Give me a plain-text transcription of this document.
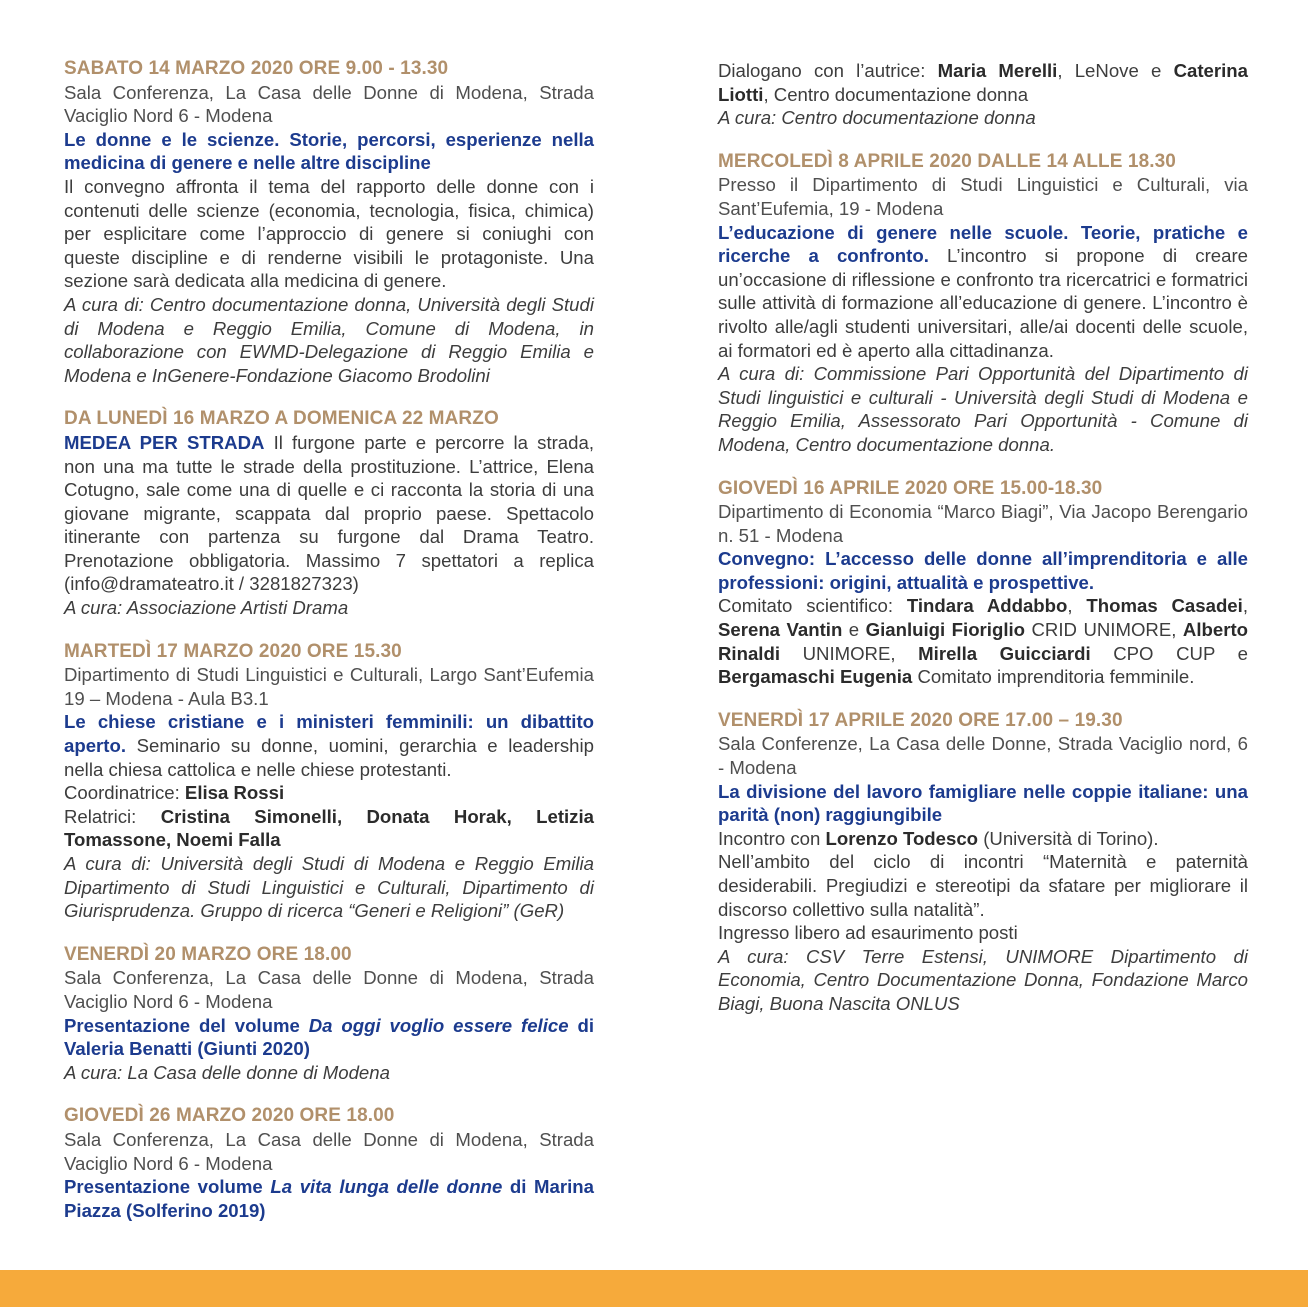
SABATO 14 MARZO 2020 ORE 9.00 - 13.30
Sala Conferenza, La Casa delle Donne di Modena, Strada Vaciglio Nord 6 - Modena
Le donne e le scienze. Storie, percorsi, esperienze nella medicina di genere e nelle altre discipline
Il convegno affronta il tema del rapporto delle donne con i contenuti delle scienze (economia, tecnologia, fisica, chimica) per esplicitare come l’approccio di genere si coniughi con queste discipline e di renderne visibili le protagoniste. Una sezione sarà dedicata alla medicina di genere.
A cura di: Centro documentazione donna, Università degli Studi di Modena e Reggio Emilia, Comune di Modena, in collaborazione con EWMD-Delegazione di Reggio Emilia e Modena e InGenere-Fondazione Giacomo Brodolini
DA LUNEDÌ 16 MARZO A DOMENICA 22 MARZO
MEDEA PER STRADA Il furgone parte e percorre la strada, non una ma tutte le strade della prostituzione. L’attrice, Elena Cotugno, sale come una di quelle e ci racconta la storia di una giovane migrante, scappata dal proprio paese. Spettacolo itinerante con partenza su furgone dal Drama Teatro. Prenotazione obbligatoria. Massimo 7 spettatori a replica (info@dramateatro.it / 3281827323)
A cura: Associazione Artisti Drama
MARTEDÌ 17 MARZO 2020 ORE 15.30
Dipartimento di Studi Linguistici e Culturali, Largo Sant’Eufemia 19 – Modena - Aula B3.1
Le chiese cristiane e i ministeri femminili: un dibattito aperto. Seminario su donne, uomini, gerarchia e leadership nella chiesa cattolica e nelle chiese protestanti.
Coordinatrice: Elisa Rossi
Relatrici: Cristina Simonelli, Donata Horak, Letizia Tomassone, Noemi Falla
A cura di: Università degli Studi di Modena e Reggio Emilia Dipartimento di Studi Linguistici e Culturali, Dipartimento di Giurisprudenza. Gruppo di ricerca “Generi e Religioni” (GeR)
VENERDÌ 20 MARZO ORE 18.00
Sala Conferenza, La Casa delle Donne di Modena, Strada Vaciglio Nord 6 - Modena
Presentazione del volume Da oggi voglio essere felice di Valeria Benatti (Giunti 2020)
A cura: La Casa delle donne di Modena
GIOVEDÌ 26 MARZO 2020 ORE 18.00
Sala Conferenza, La Casa delle Donne di Modena, Strada Vaciglio Nord 6 - Modena
Presentazione volume La vita lunga delle donne di Marina Piazza (Solferino 2019)
Dialogano con l’autrice: Maria Merelli, LeNove e Caterina Liotti, Centro documentazione donna
A cura: Centro documentazione donna
MERCOLEDÌ 8 APRILE 2020 DALLE 14 ALLE 18.30
Presso il Dipartimento di Studi Linguistici e Culturali, via Sant’Eufemia, 19 - Modena
L’educazione di genere nelle scuole. Teorie, pratiche e ricerche a confronto. L’incontro si propone di creare un’occasione di riflessione e confronto tra ricercatrici e formatrici sulle attività di formazione all’educazione di genere. L’incontro è rivolto alle/agli studenti universitari, alle/ai docenti delle scuole, ai formatori ed è aperto alla cittadinanza.
A cura di: Commissione Pari Opportunità del Dipartimento di Studi linguistici e culturali - Università degli Studi di Modena e Reggio Emilia, Assessorato Pari Opportunità - Comune di Modena, Centro documentazione donna.
GIOVEDÌ 16 APRILE 2020 ORE 15.00-18.30
Dipartimento di Economia “Marco Biagi”, Via Jacopo Berengario n. 51 - Modena
Convegno: L’accesso delle donne all’imprenditoria e alle professioni: origini, attualità e prospettive.
Comitato scientifico: Tindara Addabbo, Thomas Casadei, Serena Vantin e Gianluigi Fioriglio CRID UNIMORE, Alberto Rinaldi UNIMORE, Mirella Guicciardi CPO CUP e Bergamaschi Eugenia Comitato imprenditoria femminile.
VENERDÌ 17 APRILE 2020 ORE 17.00 – 19.30
Sala Conferenze, La Casa delle Donne, Strada Vaciglio nord, 6 - Modena
La divisione del lavoro famigliare nelle coppie italiane: una parità (non) raggiungibile
Incontro con Lorenzo Todesco (Università di Torino).
Nell’ambito del ciclo di incontri “Maternità e paternità desiderabili. Pregiudizi e stereotipi da sfatare per migliorare il discorso collettivo sulla natalità”.
Ingresso libero ad esaurimento posti
A cura: CSV Terre Estensi, UNIMORE Dipartimento di Economia, Centro Documentazione Donna, Fondazione Marco Biagi, Buona Nascita ONLUS
